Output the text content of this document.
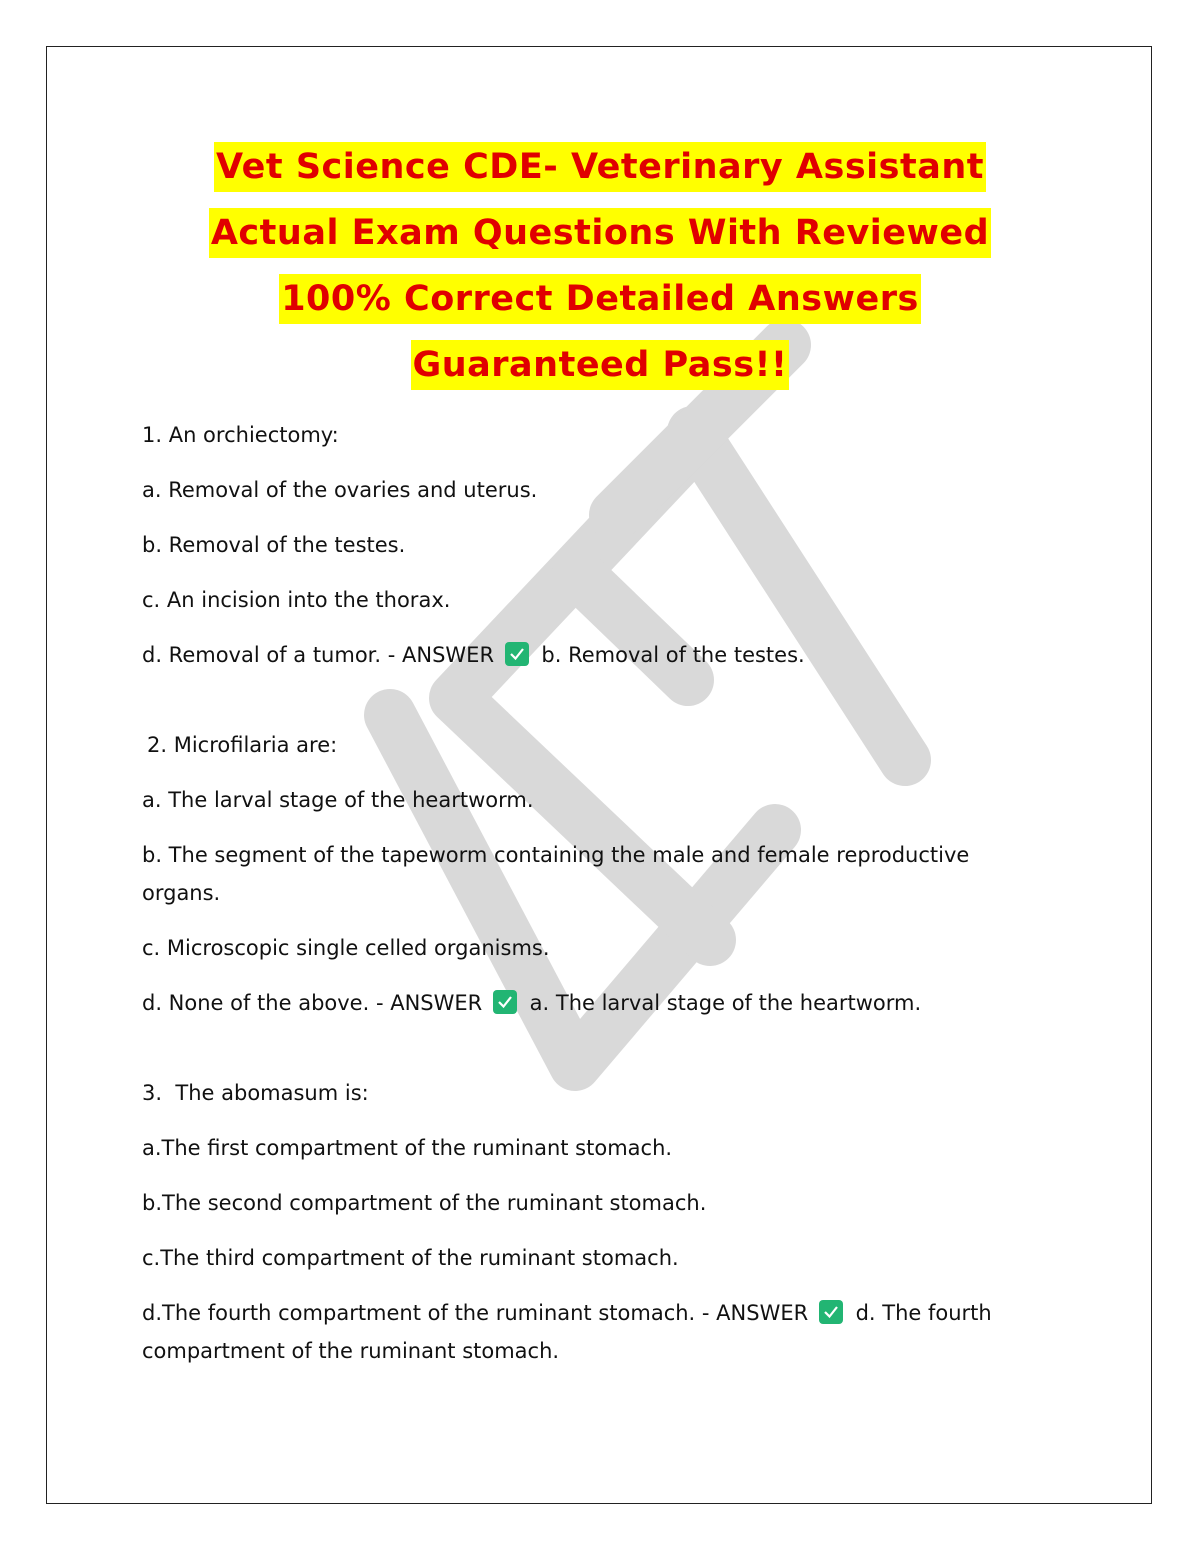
Vet Science CDE- Veterinary Assistant
Actual Exam Questions With Reviewed
100% Correct Detailed Answers
Guaranteed Pass!!

1. An orchiectomy:

a. Removal of the ovaries and uterus.

b. Removal of the testes.

c. An incision into the thorax.

d. Removal of a tumor. - ANSWER b. Removal of the testes.

2. Microfilaria are:

a. The larval stage of the heartworm.

b. The segment of the tapeworm containing the male and female reproductive organs.

c. Microscopic single celled organisms.

d. None of the above. - ANSWER a. The larval stage of the heartworm.

3.  The abomasum is:

a.The first compartment of the ruminant stomach.

b.The second compartment of the ruminant stomach.

c.The third compartment of the ruminant stomach.

d.The fourth compartment of the ruminant stomach. - ANSWER d. The fourth compartment of the ruminant stomach.
